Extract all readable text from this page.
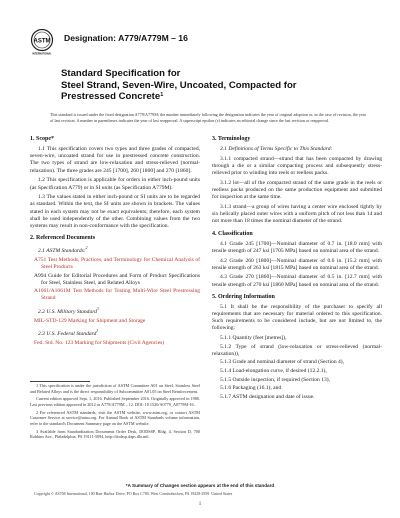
ASTM
INTERNATIONAL
Designation: A779/A779M – 16
Standard Specification for
Steel Strand, Seven-Wire, Uncoated, Compacted for
Prestressed Concrete$^1$
This standard is issued under the fixed designation A779/A779M; the number immediately following the designation indicates the year of original adoption or, in the case of revision, the year of last revision. A number in parentheses indicates the year of last reapproval. A superscript epsilon (ε) indicates an editorial change since the last revision or reapproval.
1. Scope*

1.1 This specification covers two types and three grades of compacted, seven-wire, uncoated strand for use in prestressed concrete construction. The two types of strand are low-relaxation and stress-relieved (normal-relaxation). The three grades are 245 [1700], 260 [1800] and 270 [1860].

1.2 This specification is applicable for orders in either inch-pound units (as Specification A779) or in SI units (as Specification A779M).

1.3 The values stated in either inch-pound or SI units are to be regarded as standard. Within the text, the SI units are shown in brackets. The values stated in each system may not be exact equivalents; therefore, each system shall be used independently of the other. Combining values from the two systems may result in non-conformance with the specification.

2. Referenced Documents
2.1 ASTM Standards:$^2$
A751 Test Methods, Practices, and Terminology for Chemical Analysis of Steel Products
A994 Guide for Editorial Procedures and Form of Product Specifications for Steel, Stainless Steel, and Related Alloys
A1061/A1061M Test Methods for Testing Multi-Wire Steel Prestressing Strand
2.2 U.S. Military Standard$^3$
MIL-STD-129 Marking for Shipment and Storage
2.3 U.S. Federal Standard$^3$
Fed. Std. No. 123 Marking for Shipments (Civil Agencies)
3. Terminology

3.1 Definitions of Terms Specific to This Standard:

3.1.1 compacted strand—strand that has been compacted by drawing through a die or a similar compacting process and subsequently stress-relieved prior to winding into reels or reelless packs.

3.1.2 lot—all of the compacted strand of the same grade in the reels or reelless packs produced on the same production equipment and submitted for inspection at the same time.

3.1.3 strand—a group of wires having a center wire enclosed tightly by six helically placed outer wires with a uniform pitch of not less than 14 and not more than 18 times the nominal diameter of the strand.

4. Classification

4.1 Grade 245 [1700]—Nominal diameter of 0.7 in. [18.0 mm] with tensile strength of 247 ksi [1705 MPa] based on nominal area of the strand.

4.2 Grade 260 [1800]—Nominal diameter of 0.6 in. [15.2 mm] with tensile strength of 263 ksi [1815 MPa] based on nominal area of the strand.

4.3 Grade 270 [1860]—Nominal diameter of 0.5 in. [12.7 mm] with tensile strength of 270 ksi [1860 MPa] based on nominal area of the strand.

5. Ordering Information

5.1 It shall be the responsibility of the purchaser to specify all requirements that are necessary for material ordered to this specification. Such requirements to be considered include, but are not limited to, the following:

5.1.1 Quantity (feet [metres]),

5.1.2 Type of strand (low-relaxation or stress-relieved (normal-relaxation)),

5.1.3 Grade and nominal diameter of strand (Section 4),

5.1.4 Load-elongation curve, if desired (12.2.1),

5.1.5 Outside inspection, if required (Section 13),

5.1.6 Packaging (16.1), and

5.1.7 ASTM designation and date of issue.

1 This specification is under the jurisdiction of ASTM Committee A01 on Steel, Stainless Steel and Related Alloys and is the direct responsibility of Subcommittee A01.05 on Steel Reinforcement.

Current edition approved Sept. 1, 2016. Published September 2016. Originally approved in 1980. Last previous edition approved in 2012 as A779/A779M – 12. DOI: 10.1520/A0779_A0779M-16.

2 For referenced ASTM standards, visit the ASTM website, www.astm.org, or contact ASTM Customer Service at service@astm.org. For Annual Book of ASTM Standards volume information, refer to the standard's Document Summary page on the ASTM website.

3 Available from Standardization Documents Order Desk, DODSSP, Bldg. 4, Section D, 700 Robbins Ave., Philadelphia, PA 19111-5094, http://dodssp.daps.dla.mil.

*A Summary of Changes section appears at the end of this standard
Copyright © ASTM International, 100 Barr Harbor Drive, PO Box C700, West Conshohocken, PA 19428-2959. United States
1
